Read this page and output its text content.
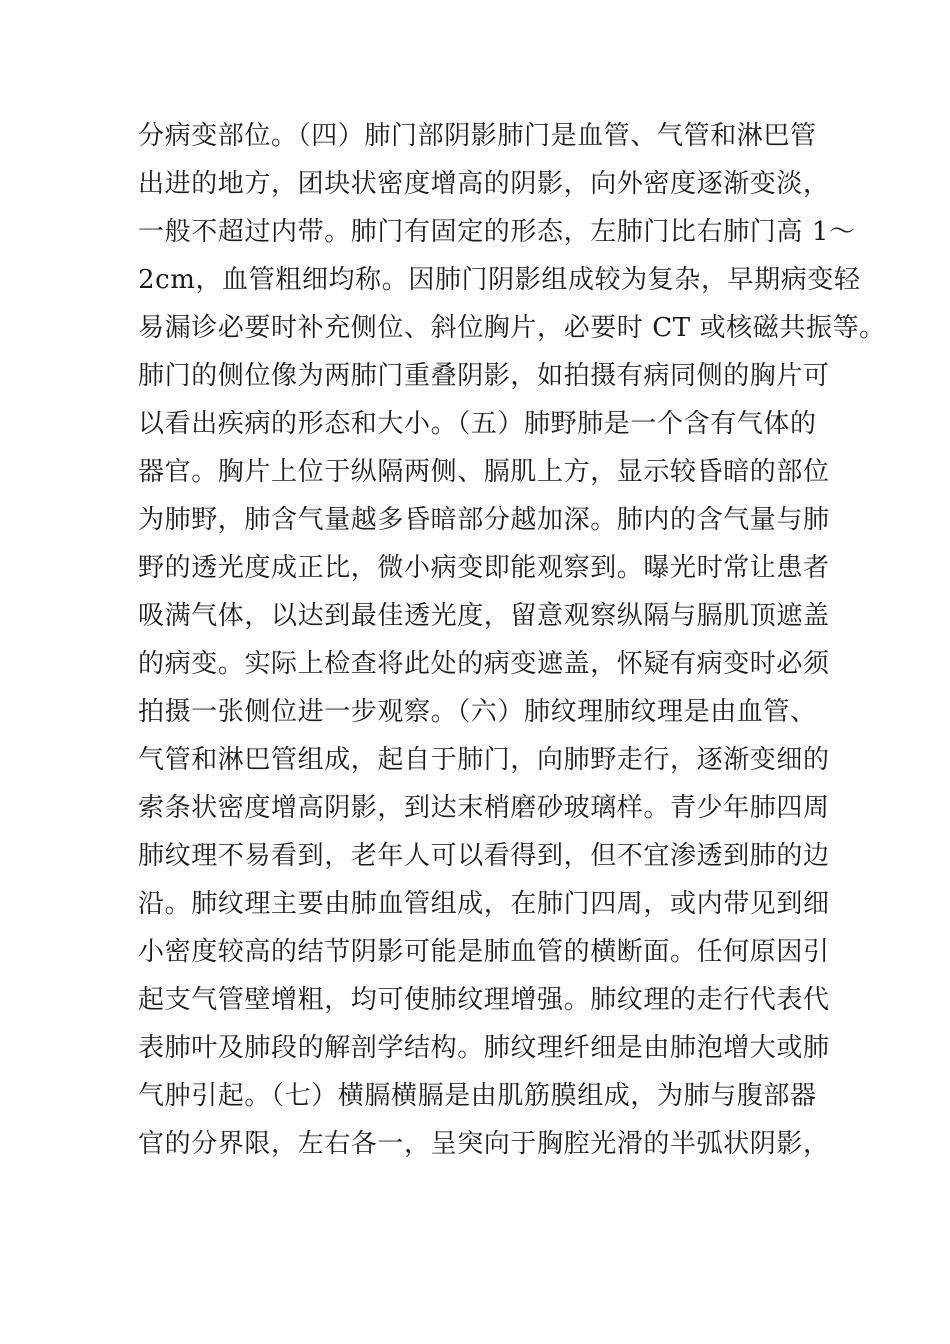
分病变部位。（四）肺门部阴影肺门是血管、气管和淋巴管
出进的地方，团块状密度增高的阴影，向外密度逐渐变淡，
一般不超过内带。肺门有固定的形态，左肺门比右肺门高 1～
2cm，血管粗细均称。因肺门阴影组成较为复杂，早期病变轻
易漏诊必要时补充侧位、斜位胸片，必要时 CT 或核磁共振等。
肺门的侧位像为两肺门重叠阴影，如拍摄有病同侧的胸片可
以看出疾病的形态和大小。（五）肺野肺是一个含有气体的
器官。胸片上位于纵隔两侧、膈肌上方，显示较昏暗的部位
为肺野，肺含气量越多昏暗部分越加深。肺内的含气量与肺
野的透光度成正比，微小病变即能观察到。曝光时常让患者
吸满气体，以达到最佳透光度，留意观察纵隔与膈肌顶遮盖
的病变。实际上检查将此处的病变遮盖，怀疑有病变时必须
拍摄一张侧位进一步观察。（六）肺纹理肺纹理是由血管、
气管和淋巴管组成，起自于肺门，向肺野走行，逐渐变细的
索条状密度增高阴影，到达末梢磨砂玻璃样。青少年肺四周
肺纹理不易看到，老年人可以看得到，但不宜渗透到肺的边
沿。肺纹理主要由肺血管组成，在肺门四周，或内带见到细
小密度较高的结节阴影可能是肺血管的横断面。任何原因引
起支气管壁增粗，均可使肺纹理增强。肺纹理的走行代表代
表肺叶及肺段的解剖学结构。肺纹理纤细是由肺泡增大或肺
气肿引起。（七）横膈横膈是由肌筋膜组成，为肺与腹部器
官的分界限，左右各一，呈突向于胸腔光滑的半弧状阴影，
